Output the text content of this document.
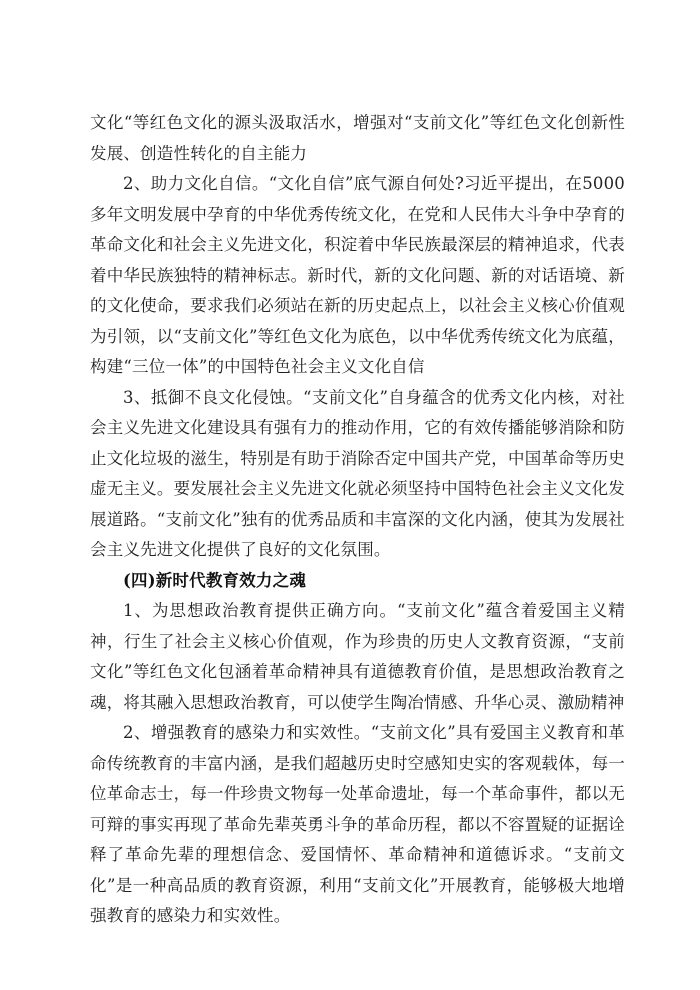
文化“等红色文化的源头汲取活水，增强对“支前文化”等红色文化创新性发展、创造性转化的自主能力

2、助力文化自信。“文化自信”底气源自何处?习近平提出，在5000多年文明发展中孕育的中华优秀传统文化，在党和人民伟大斗争中孕育的革命文化和社会主义先进文化，积淀着中华民族最深层的精神追求，代表着中华民族独特的精神标志。新时代，新的文化问题、新的对话语境、新的文化使命，要求我们必须站在新的历史起点上，以社会主义核心价值观为引领，以“支前文化”等红色文化为底色，以中华优秀传统文化为底蕴，构建“三位一体”的中国特色社会主义文化自信

3、抵御不良文化侵蚀。“支前文化”自身蕴含的优秀文化内核，对社会主义先进文化建设具有强有力的推动作用，它的有效传播能够消除和防止文化垃圾的滋生，特别是有助于消除否定中国共产党，中国革命等历史虚无主义。要发展社会主义先进文化就必须坚持中国特色社会主义文化发展道路。“支前文化”独有的优秀品质和丰富深的文化内涵，使其为发展社会主义先进文化提供了良好的文化氛围。

(四)新时代教育效力之魂

1、为思想政治教育提供正确方向。“支前文化”蕴含着爱国主义精神，行生了社会主义核心价值观，作为珍贵的历史人文教育资源，“支前文化”等红色文化包涵着革命精神具有道德教育价值，是思想政治教育之魂，将其融入思想政治教育，可以使学生陶冶情感、升华心灵、激励精神

2、增强教育的感染力和实效性。“支前文化”具有爱国主义教育和革命传统教育的丰富内涵，是我们超越历史时空感知史实的客观载体，每一位革命志士，每一件珍贵文物每一处革命遗址，每一个革命事件，都以无可辩的事实再现了革命先辈英勇斗争的革命历程，都以不容置疑的证据诠释了革命先辈的理想信念、爱国情怀、革命精神和道德诉求。“支前文化”是一种高品质的教育资源，利用“支前文化”开展教育，能够极大地增强教育的感染力和实效性。
